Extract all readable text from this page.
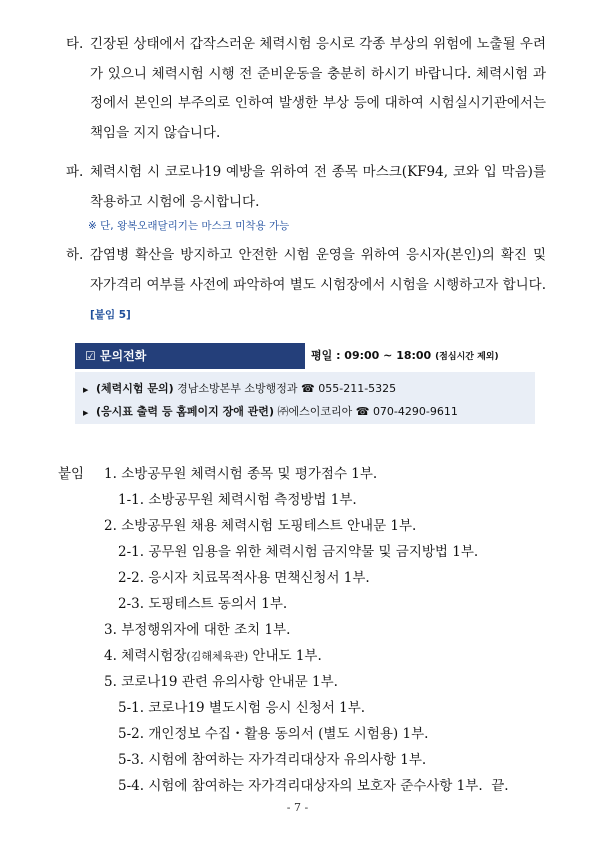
타. 긴장된 상태에서 갑작스러운 체력시험 응시로 각종 부상의 위험에 노출될 우려가 있으니 체력시험 시행 전 준비운동을 충분히 하시기 바랍니다. 체력시험 과정에서 본인의 부주의로 인하여 발생한 부상 등에 대하여 시험실시기관에서는 책임을 지지 않습니다.
파. 체력시험 시 코로나19 예방을 위하여 전 종목 마스크(KF94, 코와 입 막음)를 착용하고 시험에 응시합니다.
※ 단, 왕복오래달리기는 마스크 미착용 가능
하. 감염병 확산을 방지하고 안전한 시험 운영을 위하여 응시자(본인)의 확진 및 자가격리 여부를 사전에 파악하여 별도 시험장에서 시험을 시행하고자 합니다. [붙임 5]
☑ 문의전화	평일 : 09:00 ~ 18:00 (점심시간 제외)
▶ (체력시험 문의) 경남소방본부 소방행정과 ☎ 055-211-5325
▶ (응시표 출력 등 홈페이지 장애 관련) ㈜에스이코리아 ☎ 070-4290-9611
붙임 1. 소방공무원 체력시험 종목 및 평가점수 1부.
1-1. 소방공무원 체력시험 측정방법 1부.
2. 소방공무원 채용 체력시험 도핑테스트 안내문 1부.
2-1. 공무원 임용을 위한 체력시험 금지약물 및 금지방법 1부.
2-2. 응시자 치료목적사용 면책신청서 1부.
2-3. 도핑테스트 동의서 1부.
3. 부정행위자에 대한 조치 1부.
4. 체력시험장(김해체육관) 안내도 1부.
5. 코로나19 관련 유의사항 안내문 1부.
5-1. 코로나19 별도시험 응시 신청서 1부.
5-2. 개인정보 수집・활용 동의서 (별도 시험용) 1부.
5-3. 시험에 참여하는 자가격리대상자 유의사항 1부.
5-4. 시험에 참여하는 자가격리대상자의 보호자 준수사항 1부. 끝.
- 7 -
